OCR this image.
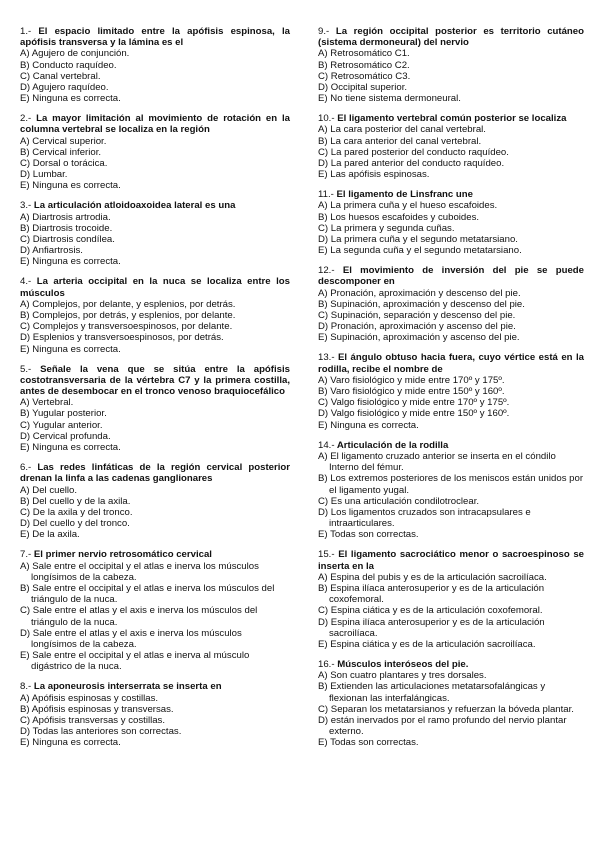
1.- El espacio limitado entre la apófisis espinosa, la apófisis transversa y la lámina es el
A) Agujero de conjunción.
B) Conducto raquídeo.
C) Canal vertebral.
D) Agujero raquídeo.
E) Ninguna es correcta.
2.- La mayor limitación al movimiento de rotación en la columna vertebral se localiza en la región
A) Cervical superior.
B) Cervical inferior.
C) Dorsal o torácica.
D) Lumbar.
E) Ninguna es correcta.
3.- La articulación atloidoaxoidea lateral es una
A) Diartrosis artrodia.
B) Diartrosis trocoide.
C) Diartrosis condílea.
D) Anfiartrosis.
E) Ninguna es correcta.
4.- La arteria occipital en la nuca se localiza entre los músculos
A) Complejos, por delante, y esplenios, por detrás.
B) Complejos, por detrás, y esplenios, por delante.
C) Complejos y transversoespinosos, por delante.
D) Esplenios y transversoespinosos, por detrás.
E) Ninguna es correcta.
5.- Señale la vena que se sitúa entre la apófisis costotransversaria de la vértebra C7 y la primera costilla, antes de desembocar en el tronco venoso braquiocefálico
A) Vertebral.
B) Yugular posterior.
C) Yugular anterior.
D) Cervical profunda.
E) Ninguna es correcta.
6.- Las redes linfáticas de la región cervical posterior drenan la linfa a las cadenas ganglionares
A) Del cuello.
B) Del cuello y de la axila.
C) De la axila y del tronco.
D) Del cuello y del tronco.
E) De la axila.
7.- El primer nervio retrosomático cervical
A) Sale entre el occipital y el atlas e inerva los músculos longísimos de la cabeza.
B) Sale entre el occipital y el atlas e inerva los músculos del triángulo de la nuca.
C) Sale entre el atlas y el axis e inerva los músculos del triángulo de la nuca.
D) Sale entre el atlas y el axis e inerva los músculos longísimos de la cabeza.
E) Sale entre el occipital y el atlas e inerva al músculo digástrico de la nuca.
8.- La aponeurosis interserrata se inserta en
A) Apófisis espinosas y costillas.
B) Apófisis espinosas y transversas.
C) Apófisis transversas y costillas.
D) Todas las anteriores son correctas.
E) Ninguna es correcta.
9.- La región occipital posterior es territorio cutáneo (sistema dermoneural) del nervio
A) Retrosomático C1.
B) Retrosomático C2.
C) Retrosomático C3.
D) Occipital superior.
E) No tiene sistema dermoneural.
10.- El ligamento vertebral común posterior se localiza
A) La cara posterior del canal vertebral.
B) La cara anterior del canal vertebral.
C) La pared posterior del conducto raquídeo.
D) La pared anterior del conducto raquídeo.
E) Las apófisis espinosas.
11.- El ligamento de Linsfranc une
A) La primera cuña y el hueso escafoides.
B) Los huesos escafoides y cuboides.
C) La primera y segunda cuñas.
D) La primera cuña y el segundo metatarsiano.
E) La segunda cuña y el segundo metatarsiano.
12.- El movimiento de inversión del pie se puede descomponer en
A) Pronación, aproximación y descenso del pie.
B) Supinación, aproximación y descenso del pie.
C) Supinación, separación y descenso del pie.
D) Pronación, aproximación y ascenso del pie.
E) Supinación, aproximación y ascenso del pie.
13.- El ángulo obtuso hacia fuera, cuyo vértice está en la rodilla, recibe el nombre de
A) Varo fisiológico y mide entre 170º y 175º.
B) Varo fisiológico y mide entre 150º y 160º.
C) Valgo fisiológico y mide entre 170º y 175º.
D) Valgo fisiológico y mide entre 150º y 160º.
E) Ninguna es correcta.
14.- Articulación de la rodilla
A) El ligamento cruzado anterior se inserta en el cóndilo Interno del fémur.
B) Los extremos posteriores de los meniscos están unidos por el ligamento yugal.
C) Es una articulación condilotroclear.
D) Los ligamentos cruzados son intracapsulares e intraarticulares.
E) Todas son correctas.
15.- El ligamento sacrociático menor o sacroespinoso se inserta en la
A) Espina del pubis y es de la articulación sacroilíaca.
B) Espina ilíaca anterosuperior y es de la articulación coxofemoral.
C) Espina ciática y es de la articulación coxofemoral.
D) Espina ilíaca anterosuperior y es de la articulación sacroilíaca.
E) Espina ciática y es de la articulación sacroilíaca.
16.- Músculos interóseos del pie.
A) Son cuatro plantares y tres dorsales.
B) Extienden las articulaciones metatarsofalángicas y flexionan las interfalángicas.
C) Separan los metatarsianos y refuerzan la bóveda plantar.
D) están inervados por el ramo profundo del nervio plantar externo.
E) Todas son correctas.
